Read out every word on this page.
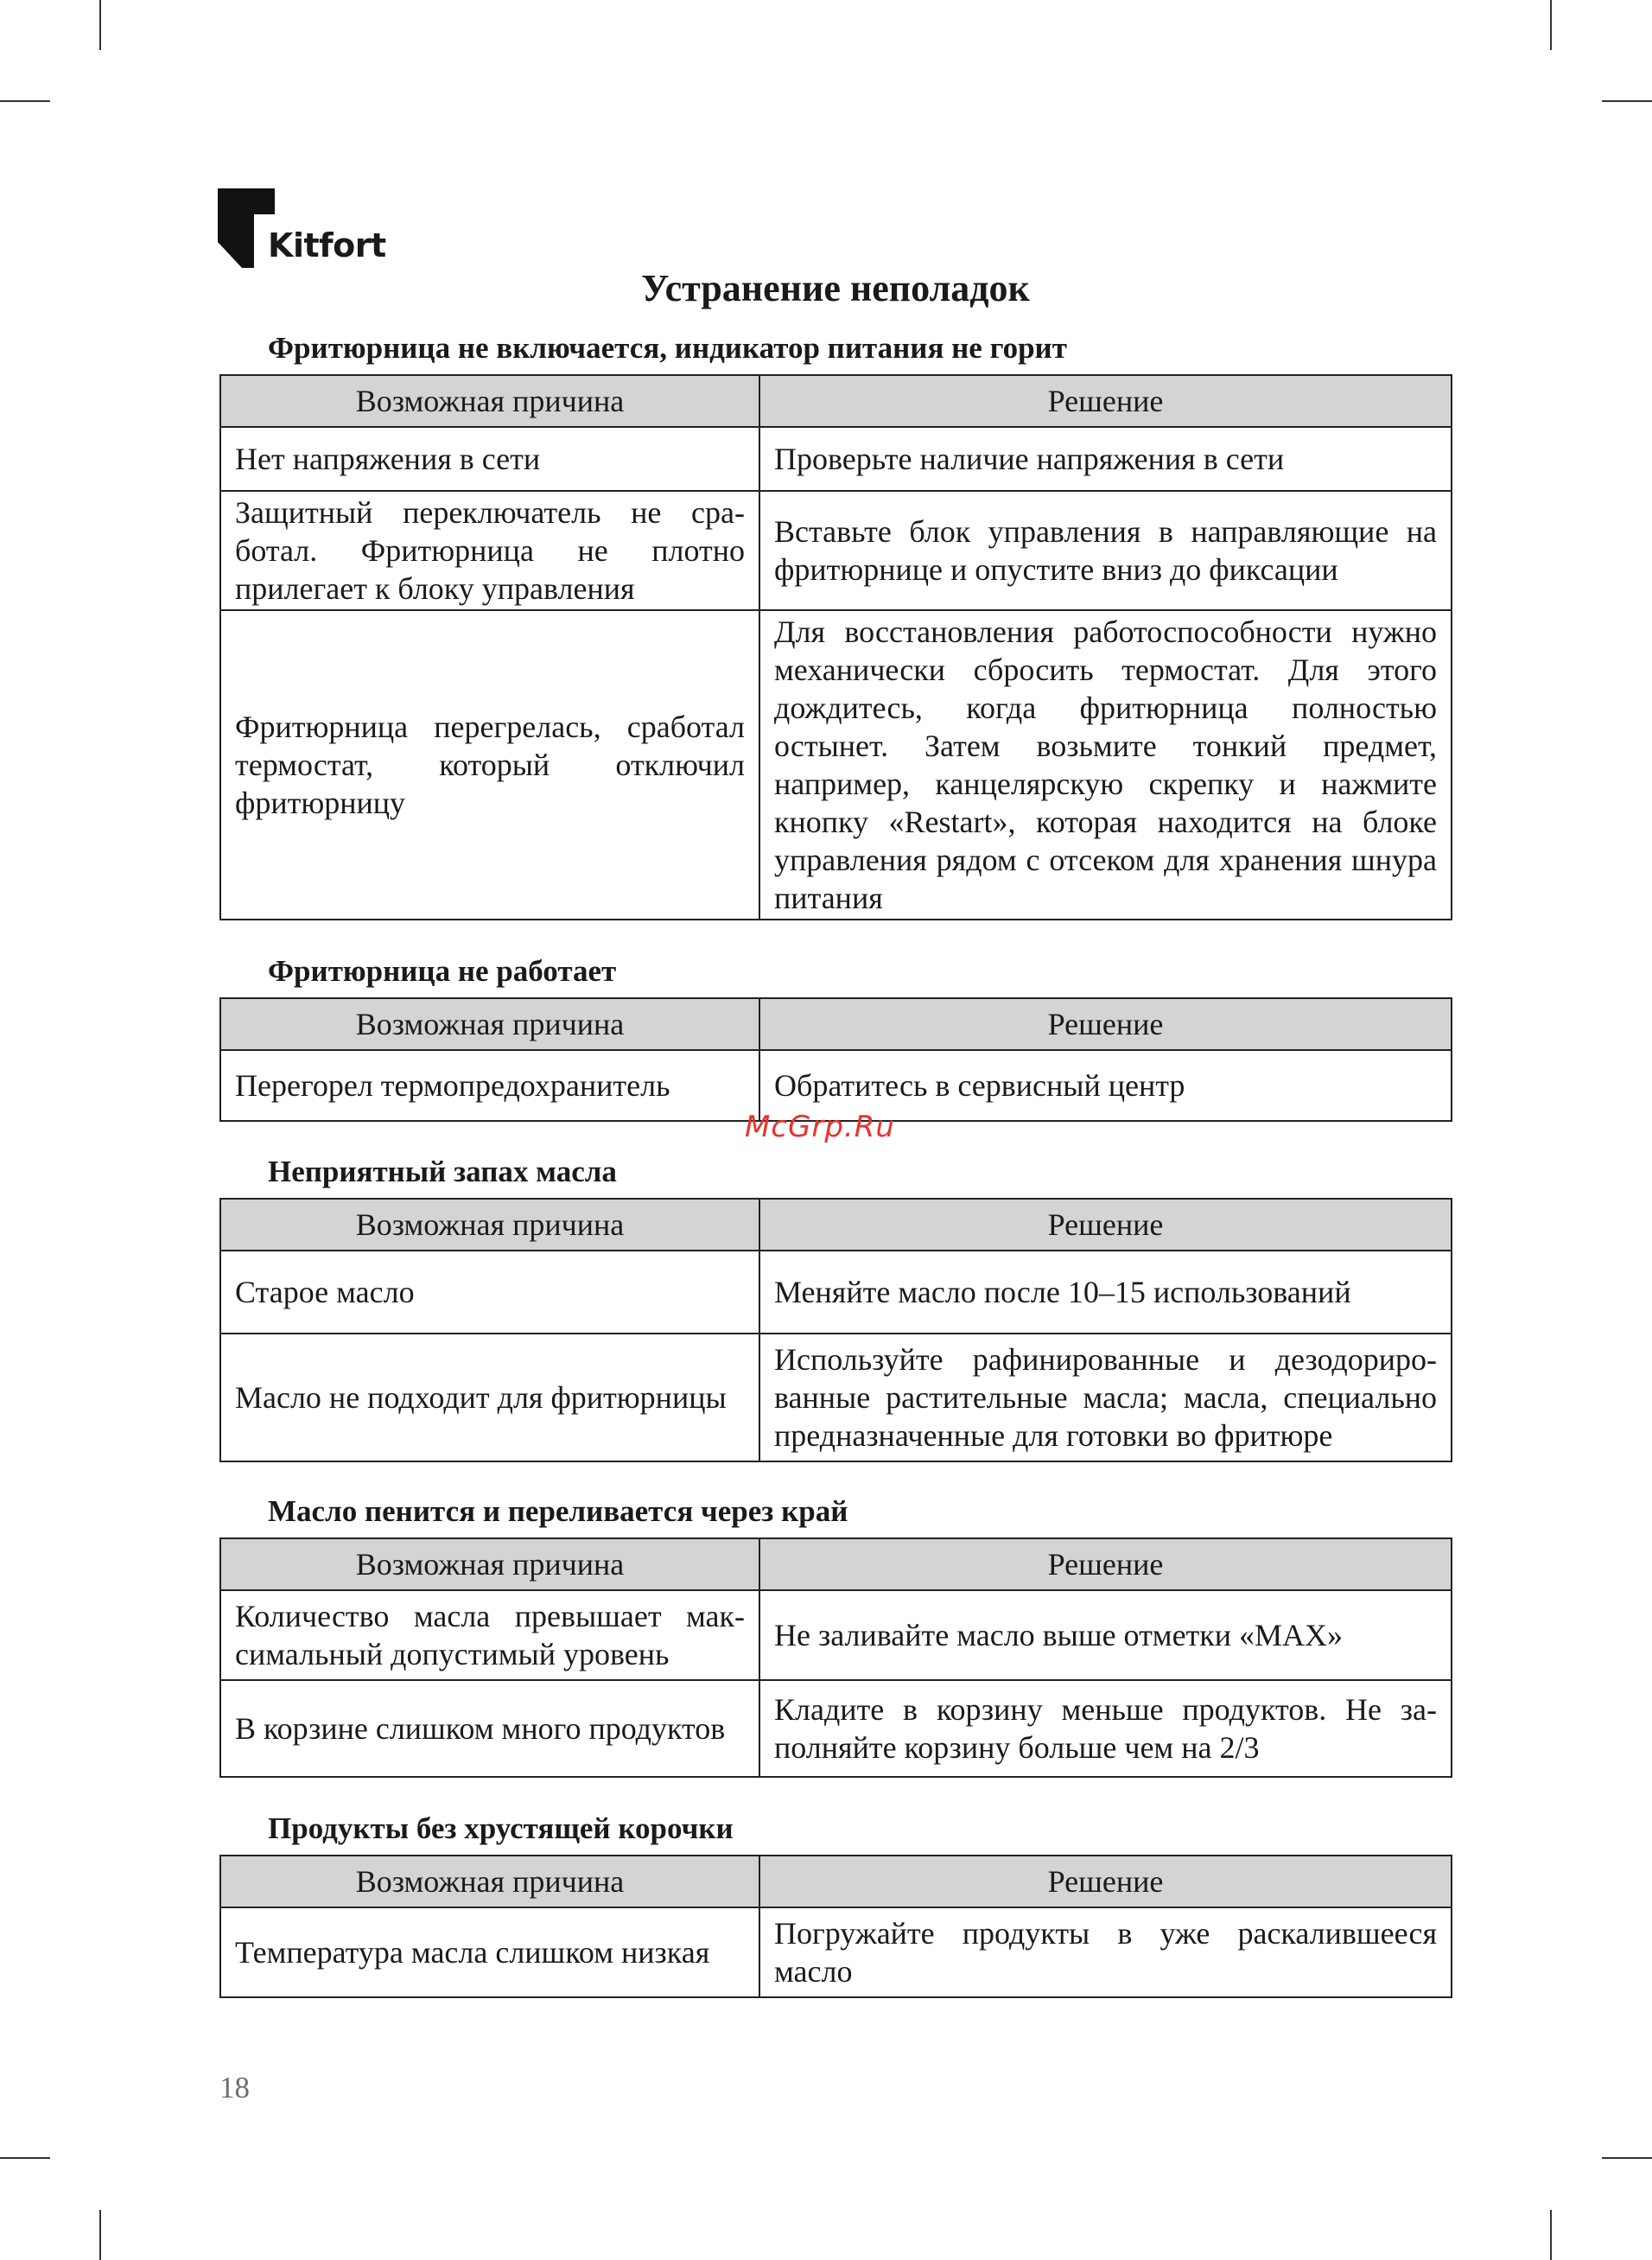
Kitfort
Устранение неполадок
Фритюрница не включается, индикатор питания не горит
Возможная причина	Решение
Нет напряжения в сети	Проверьте наличие напряжения в сети
Защитный переключатель не сработал. Фритюрница не плотно прилегает к блоку управления	Вставьте блок управления в направляющие на фритюрнице и опустите вниз до фиксации
Фритюрница перегрелась, сработал термостат, который отключил фритюрницу	Для восстановления работоспособности нужно механически сбросить термостат. Для этого дождитесь, когда фритюрница полностью остынет. Затем возьмите тонкий предмет, например, канцелярскую скрепку и нажмите кнопку «Restart», которая находится на блоке управления рядом с отсеком для хранения шнура питания
Фритюрница не работает
Возможная причина	Решение
Перегорел термопредохранитель	Обратитесь в сервисный центр
McGrp.Ru
Неприятный запах масла
Возможная причина	Решение
Старое масло	Меняйте масло после 10–15 использований
Масло не подходит для фритюрницы	Используйте рафинированные и дезодорированные растительные масла; масла, специально предназначенные для готовки во фритюре
Масло пенится и переливается через край
Возможная причина	Решение
Количество масла превышает максимальный допустимый уровень	Не заливайте масло выше отметки «MAX»
В корзине слишком много продуктов	Кладите в корзину меньше продуктов. Не заполняйте корзину больше чем на 2/3
Продукты без хрустящей корочки
Возможная причина	Решение
Температура масла слишком низкая	Погружайте продукты в уже раскалившееся масло
18
